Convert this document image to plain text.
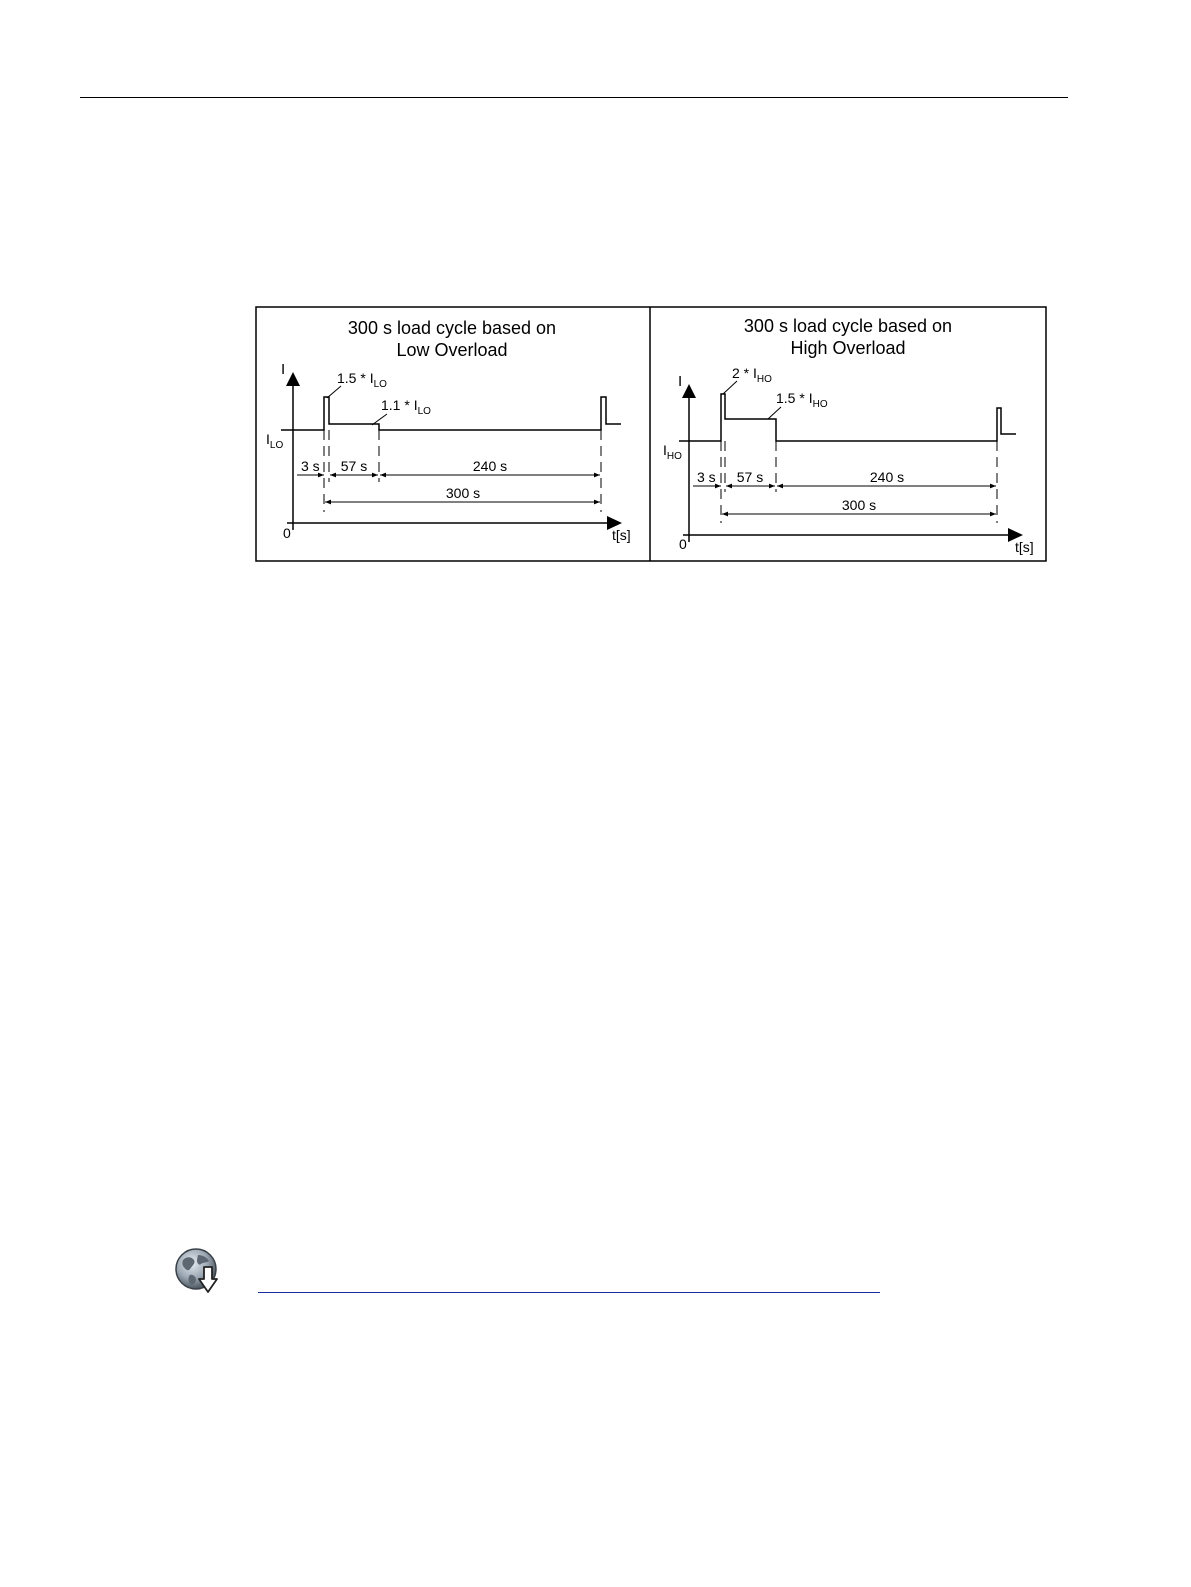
300 s load cycle based on
Low Overload
I
0	t[s]
$I_{LO}$
$1.5 * I_{LO}$
$1.1 * I_{LO}$
3 s 57 s	240 s
300 s
300 s load cycle based on
High Overload
I
0	t[s]
$I_{HO}$
$2 * I_{HO}$
$1.5 * I_{HO}$
3 s 57 s	240 s
300 s
